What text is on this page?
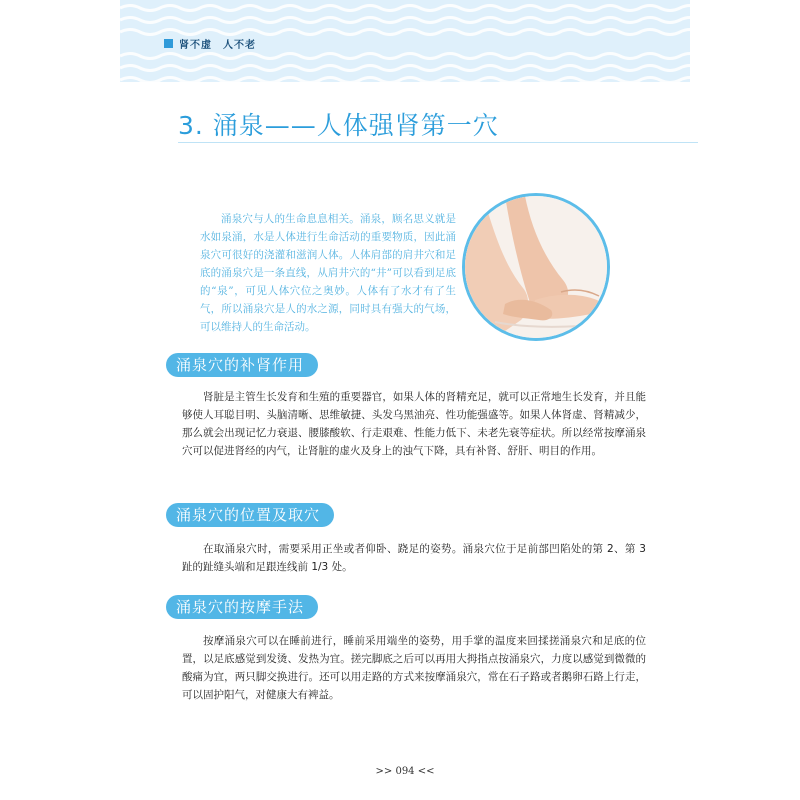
肾不虚　人不老
3. 涌泉——人体强肾第一穴

涌泉穴与人的生命息息相关。涌泉，顾名思义就是水如泉涌，水是人体进行生命活动的重要物质，因此涌泉穴可很好的浇灌和滋润人体。人体肩部的肩井穴和足底的涌泉穴是一条直线，从肩井穴的“井”可以看到足底的“泉”，可见人体穴位之奥妙。人体有了水才有了生气，所以涌泉穴是人的水之源，同时具有强大的气场，可以维持人的生命活动。

涌泉穴的补肾作用

肾脏是主管生长发育和生殖的重要器官，如果人体的肾精充足，就可以正常地生长发育，并且能够使人耳聪目明、头脑清晰、思维敏捷、头发乌黑油亮、性功能强盛等。如果人体肾虚、肾精减少，那么就会出现记忆力衰退、腰膝酸软、行走艰难、性能力低下、未老先衰等症状。所以经常按摩涌泉穴可以促进肾经的内气，让肾脏的虚火及身上的浊气下降，具有补肾、舒肝、明目的作用。

涌泉穴的位置及取穴

在取涌泉穴时，需要采用正坐或者仰卧、跷足的姿势。涌泉穴位于足前部凹陷处的第 2、第 3 趾的趾缝头端和足跟连线前 1/3 处。

涌泉穴的按摩手法

按摩涌泉穴可以在睡前进行，睡前采用端坐的姿势，用手掌的温度来回揉搓涌泉穴和足底的位置，以足底感觉到发烫、发热为宜。搓完脚底之后可以再用大拇指点按涌泉穴，力度以感觉到微微的酸痛为宜，两只脚交换进行。还可以用走路的方式来按摩涌泉穴，常在石子路或者鹅卵石路上行走，可以固护阳气，对健康大有裨益。

>> 094 <<
